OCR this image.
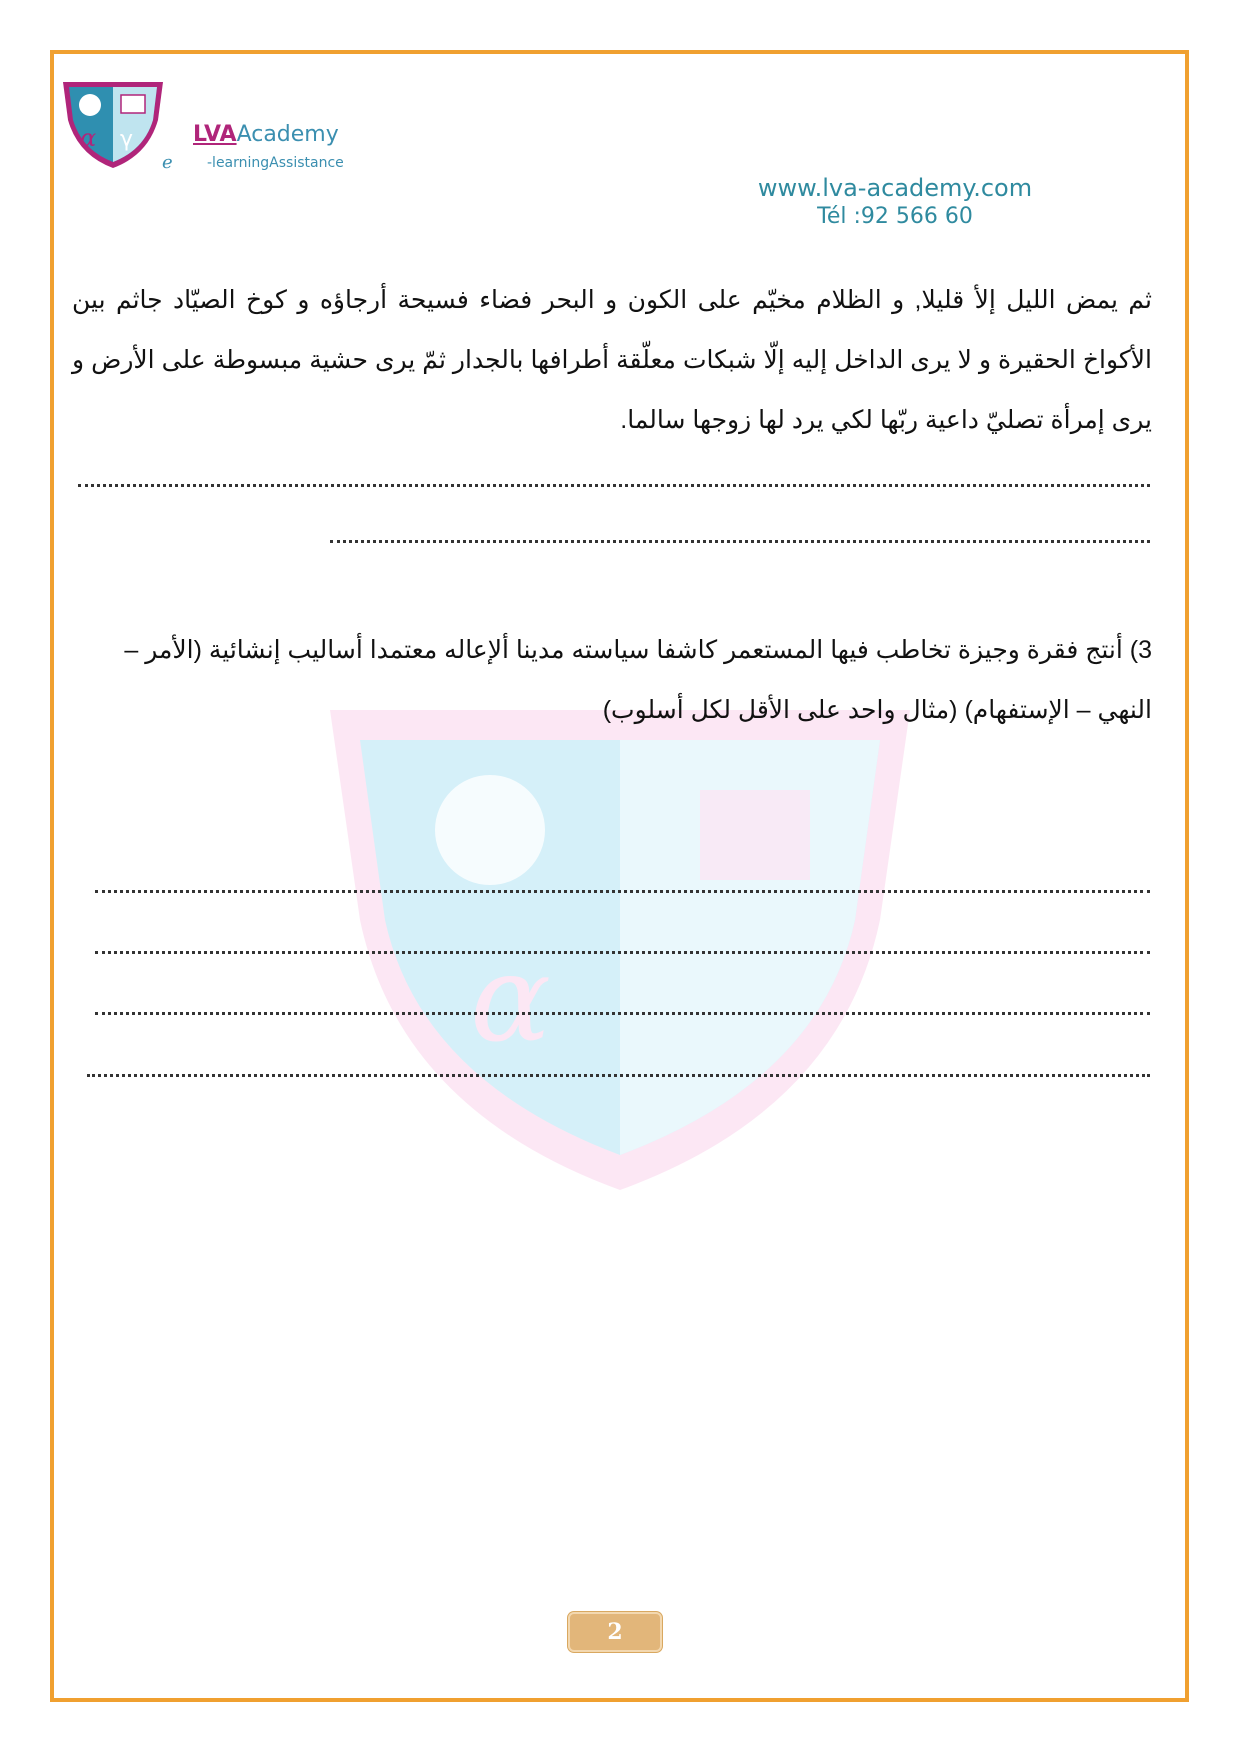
α
α γ	LVAAcademy
e -learningAssistance
www.lva-academy.com
Tél :92 566 60
ثم يمض الليل إلأ قليلا, و الظلام مخيّم على الكون و البحر فضاء فسيحة أرجاؤه و كوخ الصيّاد جاثم بين الأكواخ الحقيرة و لا يرى الداخل إليه إلّا شبكات معلّقة أطرافها بالجدار ثمّ يرى حشية مبسوطة على الأرض و يرى إمرأة تصليّ داعية ربّها لكي يرد لها زوجها سالما.
3) أنتج فقرة وجيزة تخاطب فيها المستعمر كاشفا سياسته مدينا ألإعاله معتمدا أساليب إنشائية (الأمر – النهي – الإستفهام) (مثال واحد على الأقل لكل أسلوب)
2
